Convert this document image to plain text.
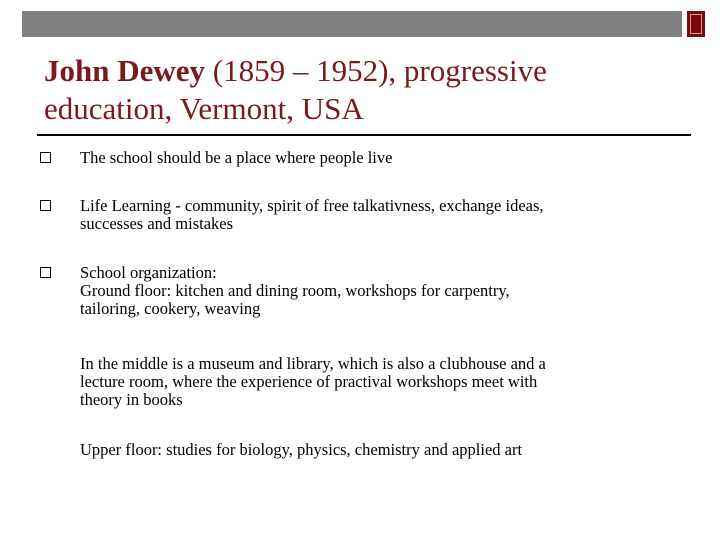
John Dewey (1859 – 1952), progressive education, Vermont, USA
The school should be a place where people live
Life Learning - community, spirit of free talkativness, exchange ideas,
successes and mistakes
School organization:
Ground floor: kitchen and dining room, workshops for carpentry,
tailoring, cookery, weaving
In the middle is a museum and library, which is also a clubhouse and a
lecture room, where the experience of practival workshops meet with
theory in books
Upper floor: studies for biology, physics, chemistry and applied art
